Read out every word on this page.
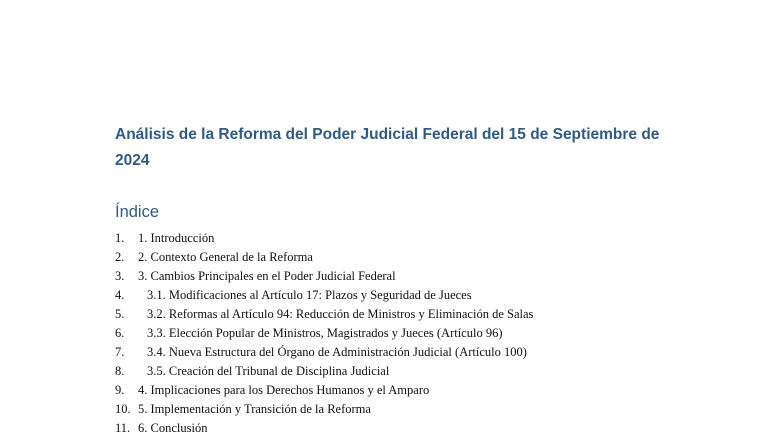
Análisis de la Reforma del Poder Judicial Federal del 15 de Septiembre de 2024
Índice
1. 1. Introducción
2. 2. Contexto General de la Reforma
3. 3. Cambios Principales en el Poder Judicial Federal
4. 3.1. Modificaciones al Artículo 17: Plazos y Seguridad de Jueces
5. 3.2. Reformas al Artículo 94: Reducción de Ministros y Eliminación de Salas
6. 3.3. Elección Popular de Ministros, Magistrados y Jueces (Artículo 96)
7. 3.4. Nueva Estructura del Órgano de Administración Judicial (Artículo 100)
8. 3.5. Creación del Tribunal de Disciplina Judicial
9. 4. Implicaciones para los Derechos Humanos y el Amparo
10. 5. Implementación y Transición de la Reforma
11. 6. Conclusión
